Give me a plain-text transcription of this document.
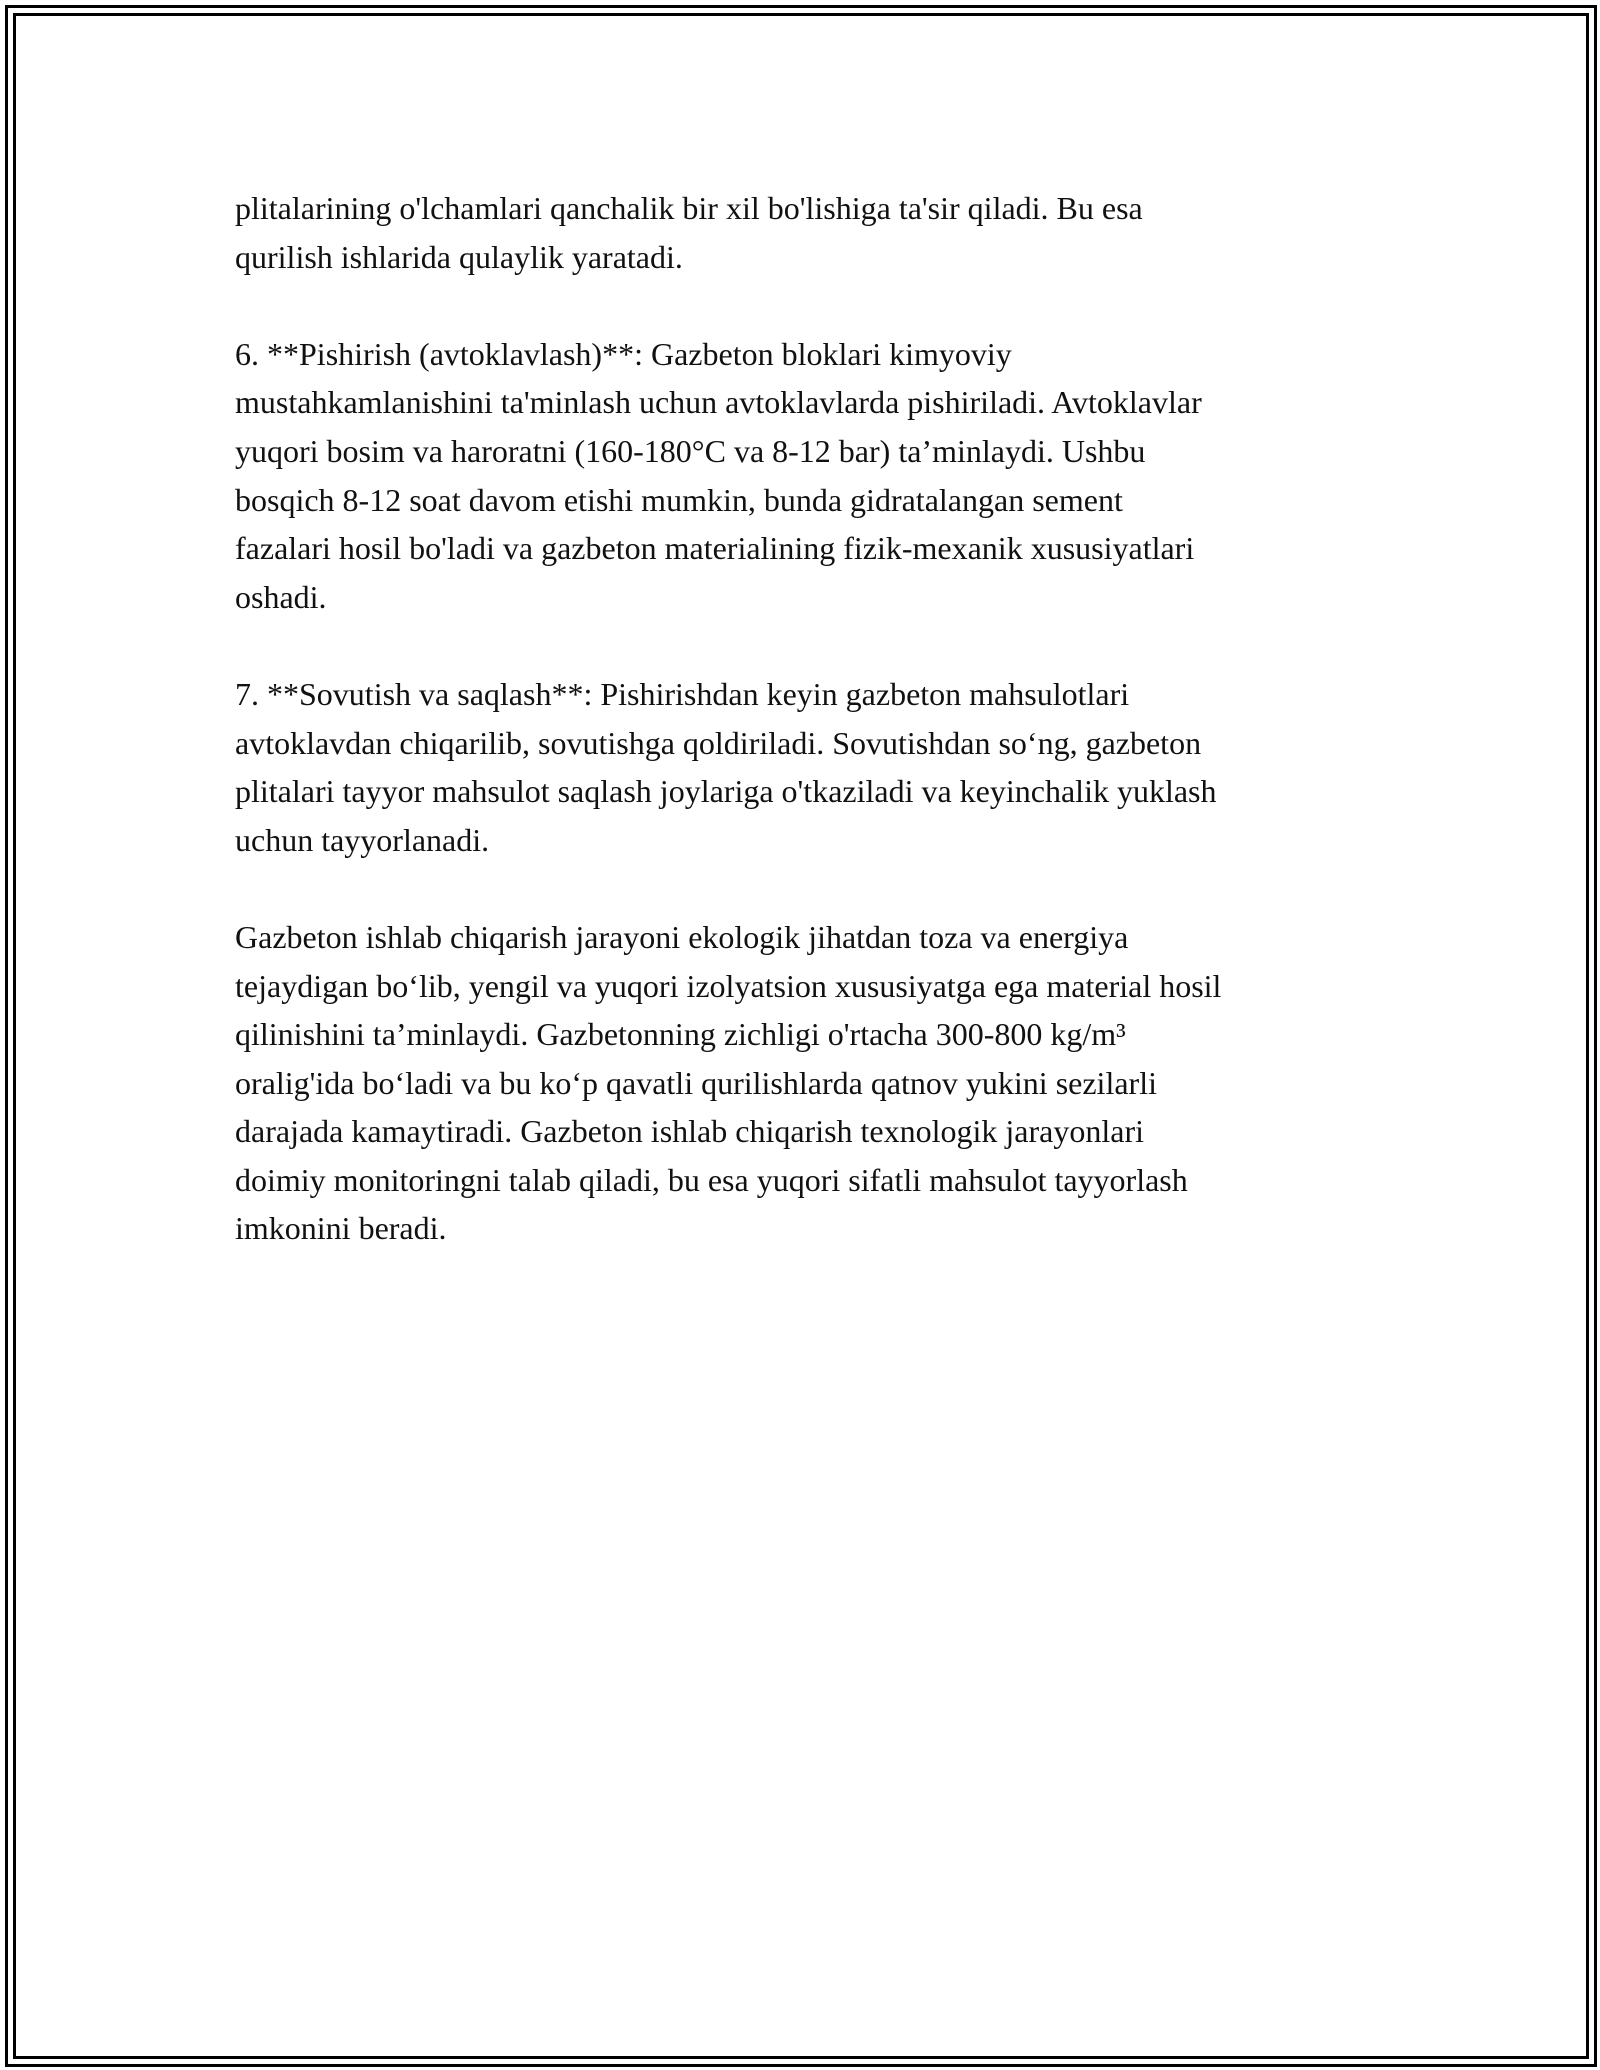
plitalarining o'lchamlari qanchalik bir xil bo'lishiga ta'sir qiladi. Bu esa
qurilish ishlarida qulaylik yaratadi.

6. **Pishirish (avtoklavlash)**: Gazbeton bloklari kimyoviy
mustahkamlanishini ta'minlash uchun avtoklavlarda pishiriladi. Avtoklavlar
yuqori bosim va haroratni (160-180°C va 8-12 bar) ta’minlaydi. Ushbu
bosqich 8-12 soat davom etishi mumkin, bunda gidratalangan sement
fazalari hosil bo'ladi va gazbeton materialining fizik-mexanik xususiyatlari
oshadi.

7. **Sovutish va saqlash**: Pishirishdan keyin gazbeton mahsulotlari
avtoklavdan chiqarilib, sovutishga qoldiriladi. Sovutishdan so‘ng, gazbeton
plitalari tayyor mahsulot saqlash joylariga o'tkaziladi va keyinchalik yuklash
uchun tayyorlanadi.

Gazbeton ishlab chiqarish jarayoni ekologik jihatdan toza va energiya
tejaydigan bo‘lib, yengil va yuqori izolyatsion xususiyatga ega material hosil
qilinishini ta’minlaydi. Gazbetonning zichligi o'rtacha 300-800 kg/m³
oralig'ida bo‘ladi va bu ko‘p qavatli qurilishlarda qatnov yukini sezilarli
darajada kamaytiradi. Gazbeton ishlab chiqarish texnologik jarayonlari
doimiy monitoringni talab qiladi, bu esa yuqori sifatli mahsulot tayyorlash
imkonini beradi.
